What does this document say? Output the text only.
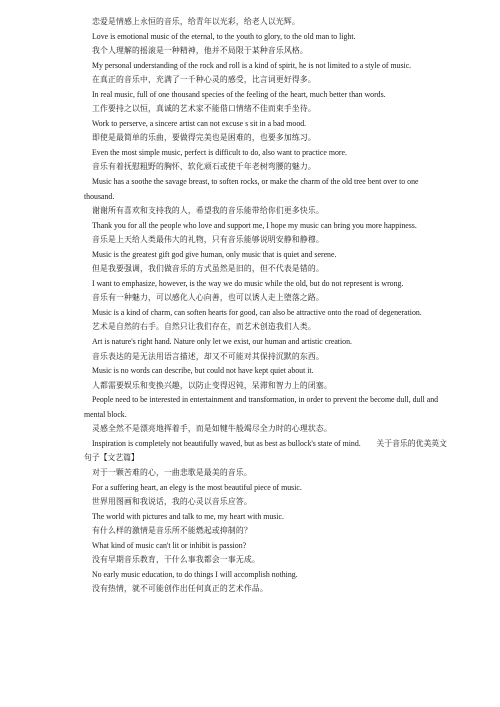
恋爱是情感上永恒的音乐，给青年以光彩，给老人以光辉。

Love is emotional music of the eternal, to the youth to glory, to the old man to light.

我个人理解的摇滚是一种精神，他并不局限于某种音乐风格。

My personal understanding of the rock and roll is a kind of spirit, he is not limited to a style of music.

在真正的音乐中，充满了一千种心灵的感受，比言词更好得多。

In real music, full of one thousand species of the feeling of the heart, much better than words.

工作要持之以恒，真诚的艺术家不能借口情绪不佳而束手坐待。

Work to perserve, a sincere artist can not excuse s sit in a bad mood.

即使是最简单的乐曲，要做得完美也是困难的，也要多加练习。

Even the most simple music, perfect is difficult to do, also want to practice more.

音乐有着抚慰粗野的胸怀、软化顽石或使千年老树弯腰的魅力。

Music has a soothe the savage breast, to soften rocks, or make the charm of the old tree bent over to one thousand.

谢谢所有喜欢和支持我的人，希望我的音乐能带给你们更多快乐。

Thank you for all the people who love and support me, I hope my music can bring you more happiness.

音乐是上天给人类最伟大的礼物，只有音乐能够说明安静和静穆。

Music is the greatest gift god give human, only music that is quiet and serene.

但是我要强调，我们做音乐的方式虽然是旧的，但不代表是错的。

I want to emphasize, however, is the way we do music while the old, but do not represent is wrong.

音乐有一种魅力，可以感化人心向善，也可以诱人走上堕落之路。

Music is a kind of charm, can soften hearts for good, can also be attractive onto the road of degeneration.

艺术是自然的右手。自然只让我们存在，而艺术创造我们人类。

Art is nature's right hand. Nature only let we exist, our human and artistic creation.

音乐表达的是无法用语言描述，却又不可能对其保持沉默的东西。

Music is no words can describe, but could not have kept quiet about it.

人都需要娱乐和变换兴趣，以防止变得迟钝，呆滞和智力上的闭塞。

People need to be interested in entertainment and transformation, in order to prevent the become dull, dull and mental block.

灵感全然不是漂亮地挥着手，而是如犍牛般竭尽全力时的心理状态。

Inspiration is completely not beautifully waved, but as best as bullock's state of mind.　　关于音乐的优美英文句子【文艺篇】

对于一颗苦难的心，一曲悲歌是最美的音乐。

For a suffering heart, an elegy is the most beautiful piece of music.

世界用图画和我说话，我的心灵以音乐应答。

The world with pictures and talk to me, my heart with music.

有什么样的激情是音乐所不能燃起或抑制的？

What kind of music can't lit or inhibit is passion?

没有早期音乐教育，干什么事我都会一事无成。

No early music education, to do things I will accomplish nothing.

没有热情，就不可能创作出任何真正的艺术作品。
